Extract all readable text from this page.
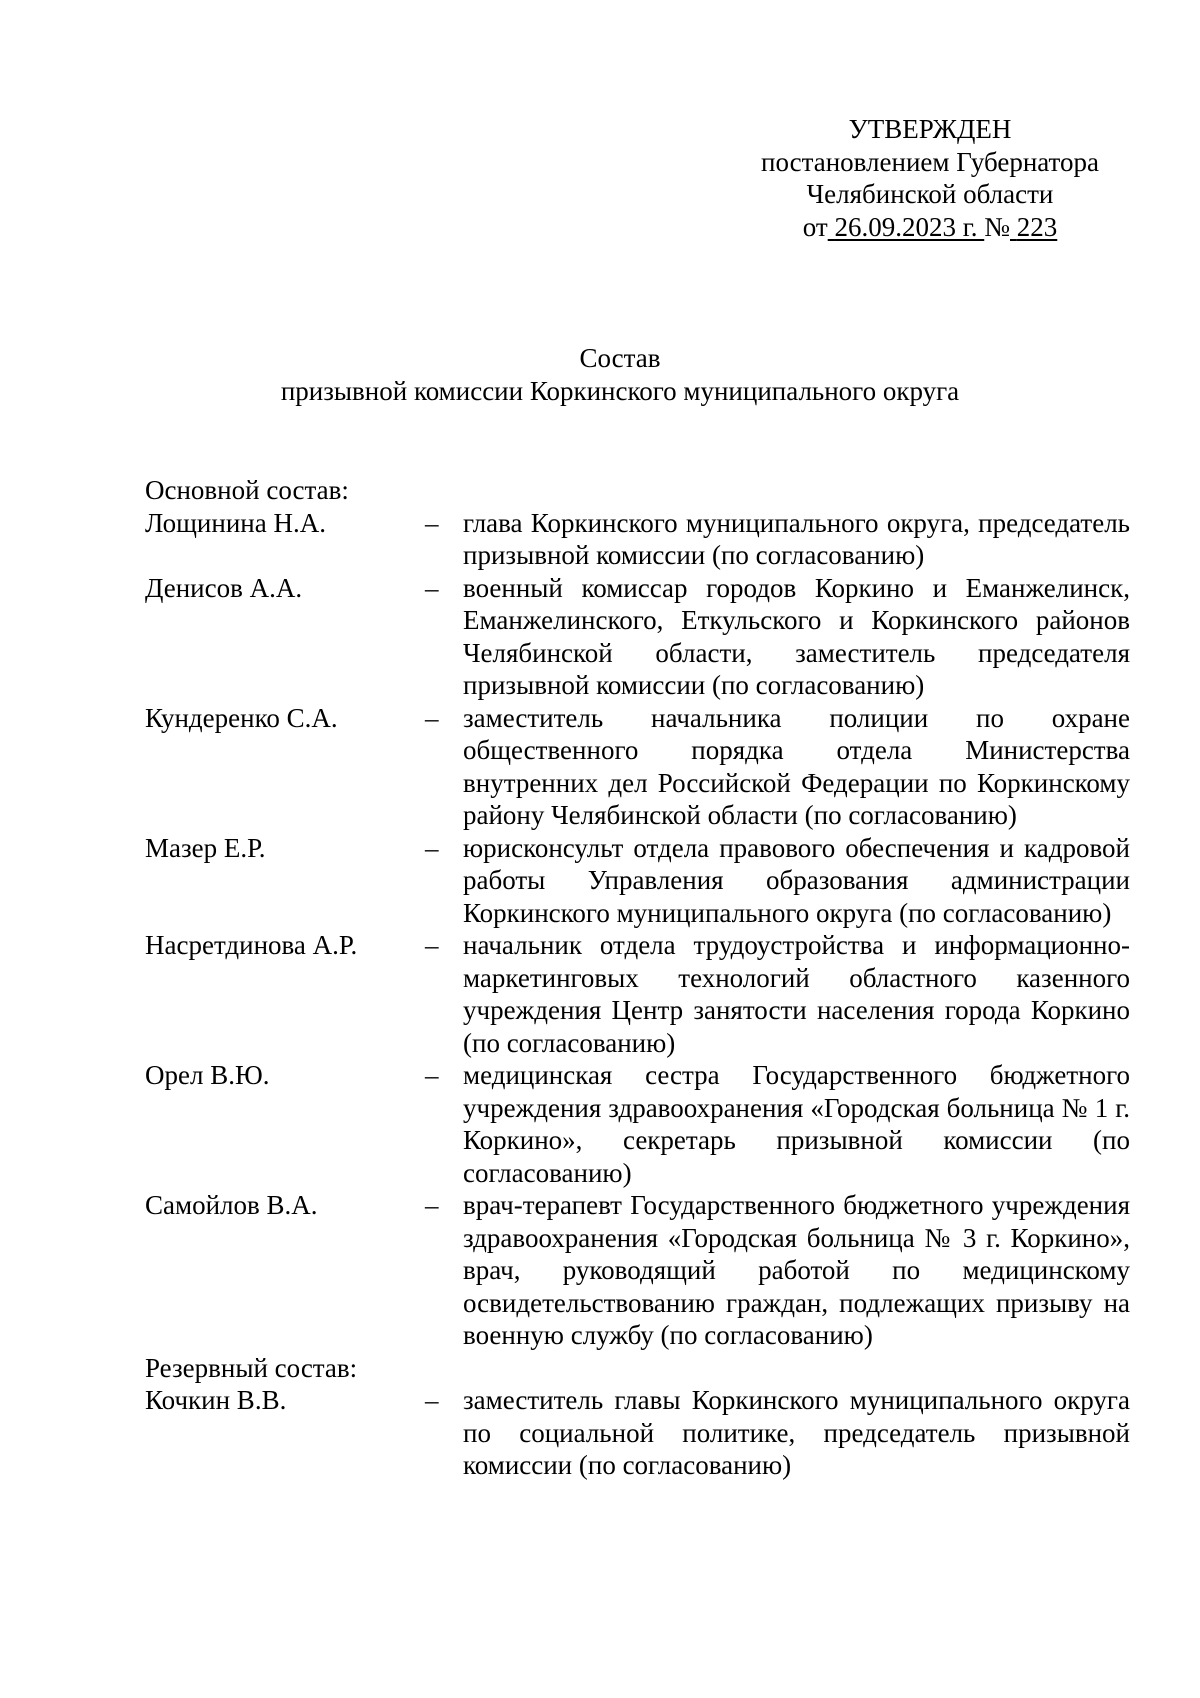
УТВЕРЖДЕН
постановлением Губернатора
Челябинской области
от 26.09.2023 г. № 223
Состав
призывной комиссии Коркинского муниципального округа
Основной состав:
Лощинина Н.А.	– глава Коркинского муниципального округа, председатель призывной комиссии (по согласованию)
Денисов А.А.	– военный комиссар городов Коркино и Еманжелинск, Еманжелинского, Еткульского и Коркинского районов Челябинской области, заместитель председателя призывной комиссии (по согласованию)
Кундеренко С.А.	– заместитель начальника полиции по охране общественного порядка отдела Министерства внутренних дел Российской Федерации по Коркинскому району Челябинской области (по согласованию)
Мазер Е.Р.	– юрисконсульт отдела правового обеспечения и кадровой работы Управления образования администрации Коркинского муниципального округа (по согласованию)
Насретдинова А.Р.	– начальник отдела трудоустройства и информационно-маркетинговых технологий областного казенного учреждения Центр занятости населения города Коркино (по согласованию)
Орел В.Ю.	– медицинская сестра Государственного бюджетного учреждения здравоохранения «Городская больница № 1 г. Коркино», секретарь призывной комиссии (по согласованию)
Самойлов В.А.	– врач-терапевт Государственного бюджетного учреждения здравоохранения «Городская больница № 3 г. Коркино», врач, руководящий работой по медицинскому освидетельствованию граждан, подлежащих призыву на военную службу (по согласованию)
Резервный состав:
Кочкин В.В.	– заместитель главы Коркинского муниципального округа по социальной политике, председатель призывной комиссии (по согласованию)
